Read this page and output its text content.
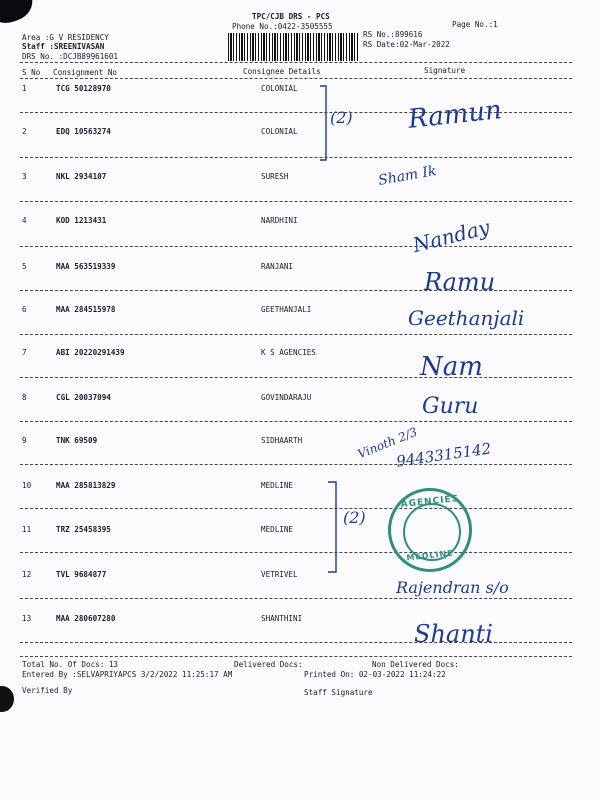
TPC/CJB DRS - PCS
Phone No.:0422-3505555	Page No.:1
Area :G V RESIDENCY
Staff :SREENIVASAN
DRS No. :DCJB89961601
RS No.:899616
RS Date:02-Mar-2022
S No Consignment No	Consignee Details	Signature
1	TCG 50128970	COLONIAL
2	EDQ 10563274	COLONIAL
3	NKL 2934107	SURESH
4	KOD 1213431	NARDHINI
5	MAA 563519339	RANJANI
6	MAA 284515978	GEETHANJALI
7	ABI 20220291439	K S AGENCIES
8	CGL 20037094	GOVINDARAJU
9	TNK 69509	SIDHAARTH
10	MAA 285813829	MEDLINE
11	TRZ 25458395	MEDLINE
12	TVL 9684877	VETRIVEL
13	MAA 280607280	SHANTHINI
(2)
(2)
Ramun
Sham Ik
Nanday
Ramu
Geethanjali
Nam
Guru
Vinoth 2/3
9443315142
Rajendran s/o
Shanti
AGENCIES
MEDLINE
Total No. Of Docs: 13	Delivered Docs:	Non Delivered Docs:
Entered By :SELVAPRIYAPCS 3/2/2022 11:25:17 AM	Printed On: 02-03-2022 11:24:22
Verified By	Staff Signature
